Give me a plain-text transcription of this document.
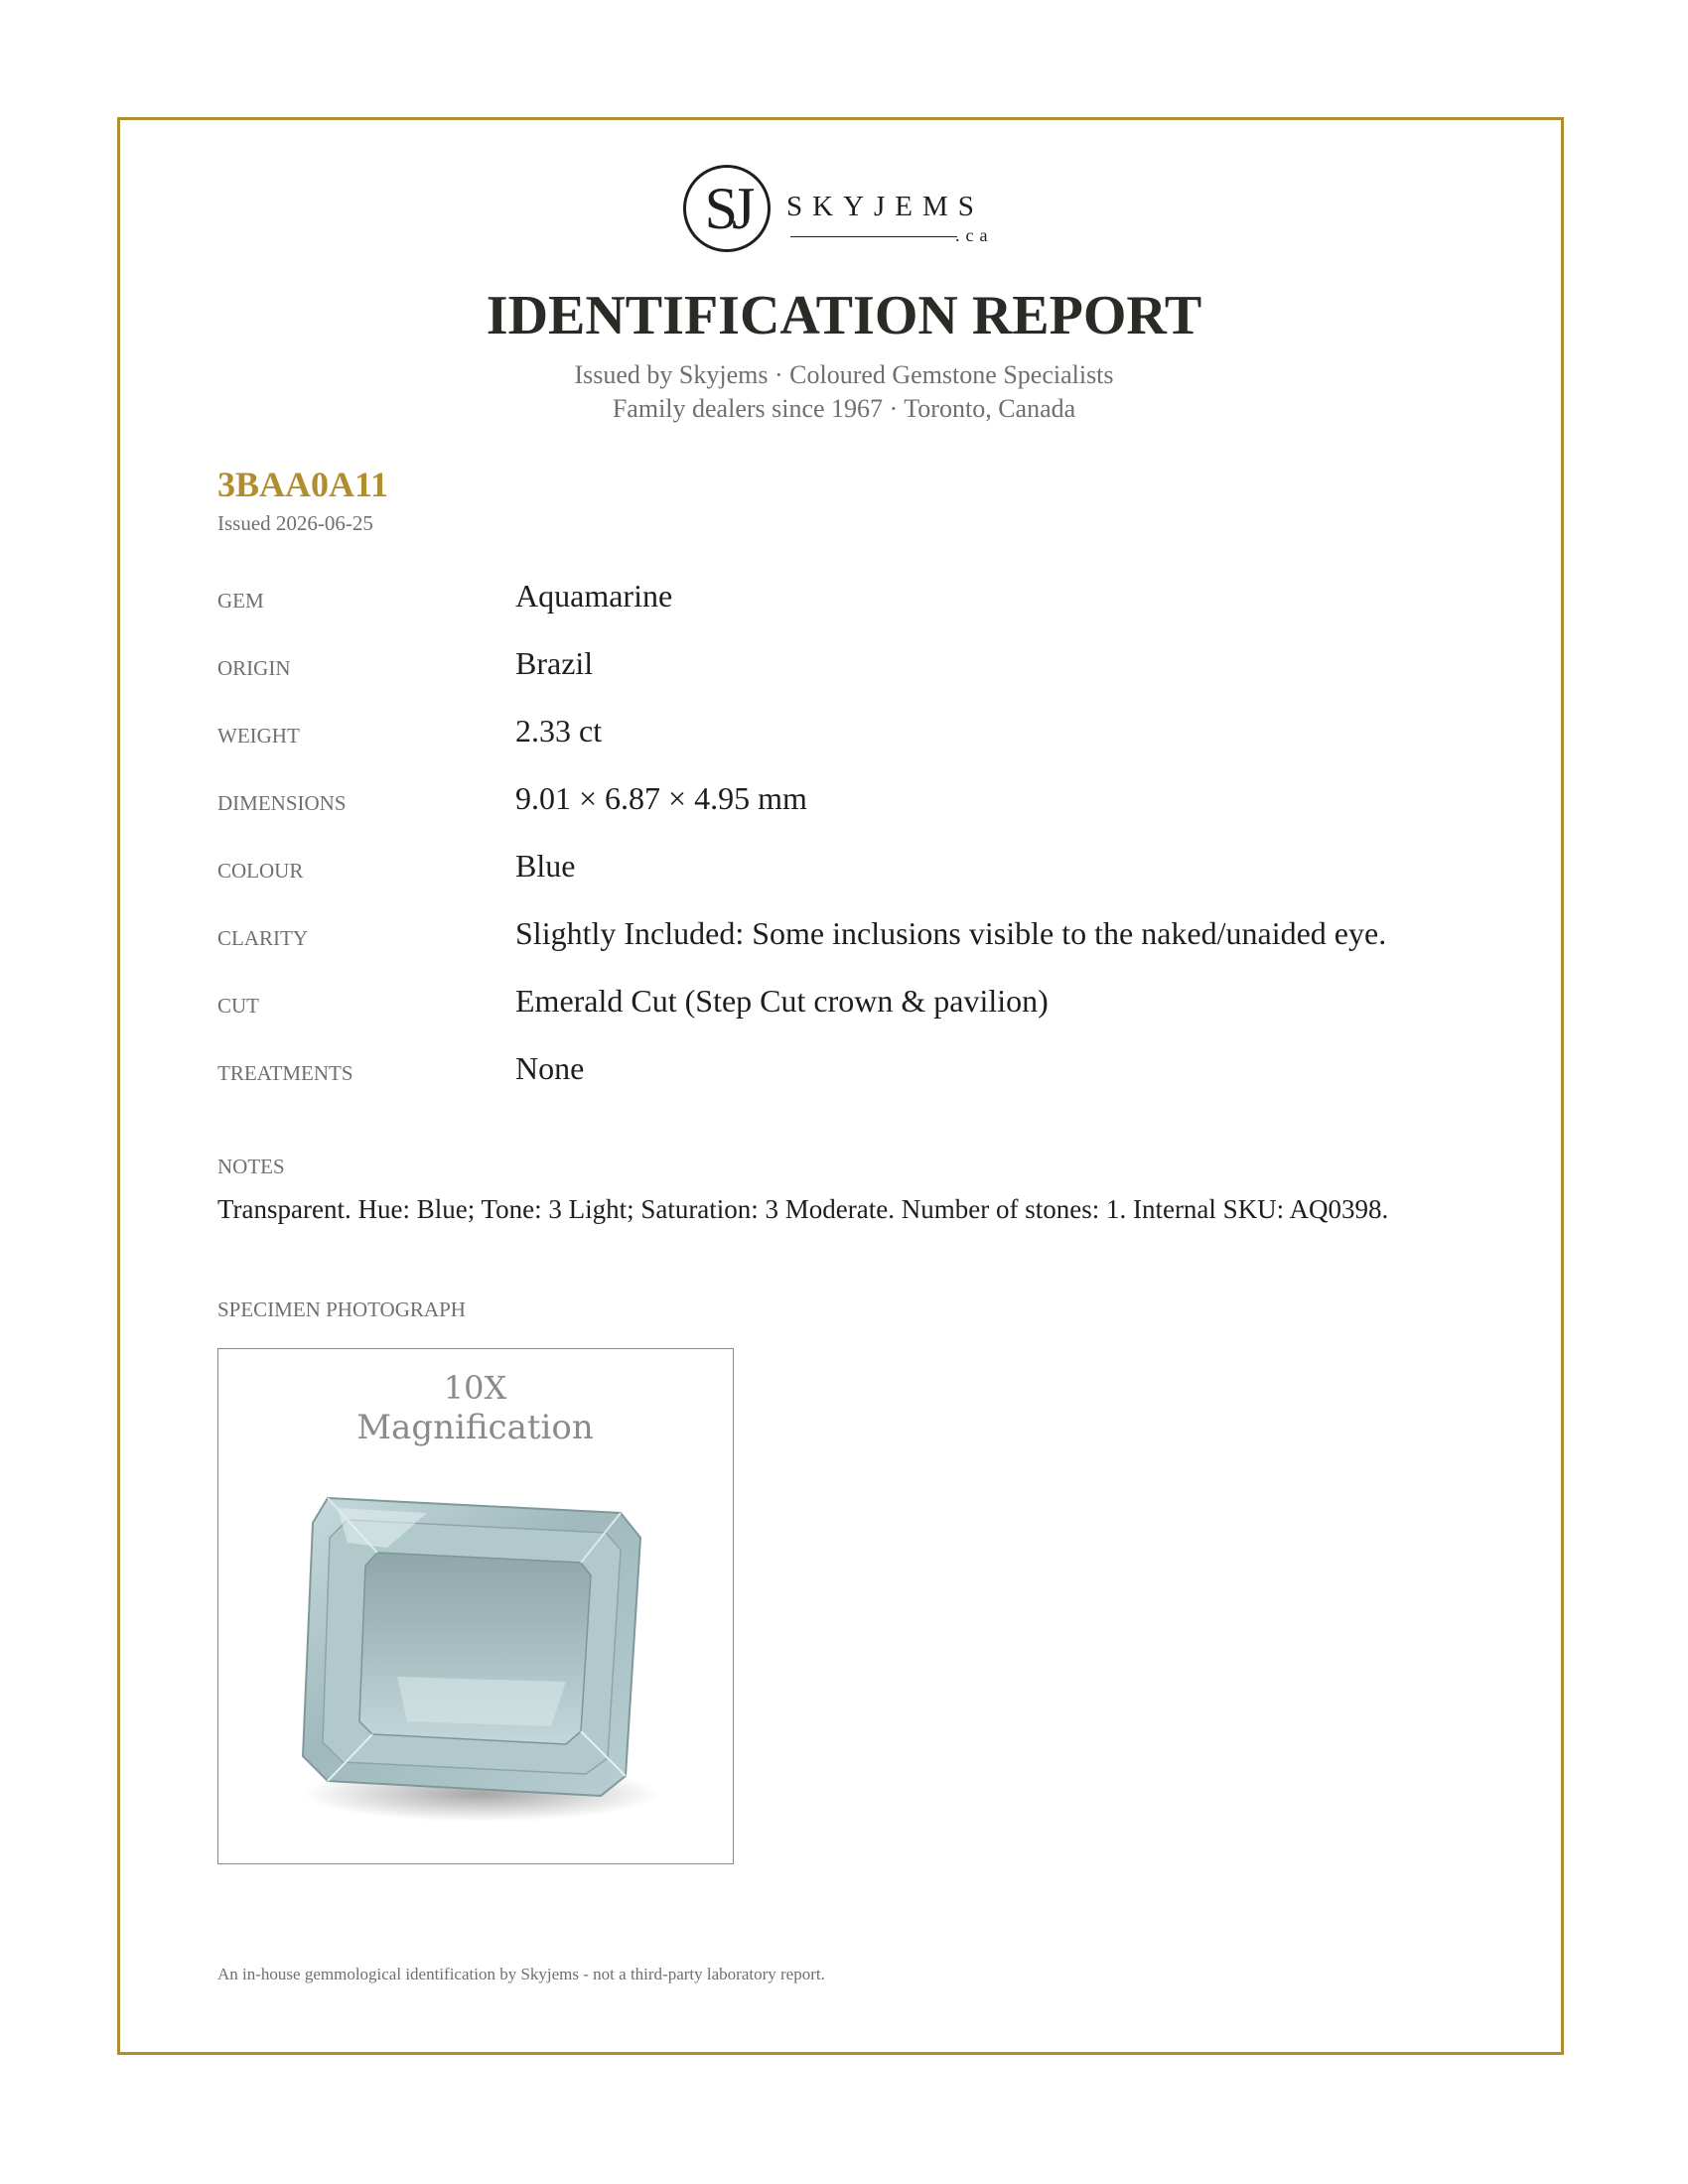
SJ	SKYJEMS
.ca
IDENTIFICATION REPORT
Issued by Skyjems · Coloured Gemstone Specialists
Family dealers since 1967 · Toronto, Canada
3BAA0A11
Issued 2026-06-25
GEM	Aquamarine
ORIGIN	Brazil
WEIGHT	2.33 ct
DIMENSIONS	9.01 × 6.87 × 4.95 mm
COLOUR	Blue
CLARITY	Slightly Included: Some inclusions visible to the naked/unaided eye.
CUT	Emerald Cut (Step Cut crown & pavilion)
TREATMENTS	None
NOTES
Transparent. Hue: Blue; Tone: 3 Light; Saturation: 3 Moderate. Number of stones: 1. Internal SKU: AQ0398.
SPECIMEN PHOTOGRAPH
10X
Magnification
An in-house gemmological identification by Skyjems - not a third-party laboratory report.
